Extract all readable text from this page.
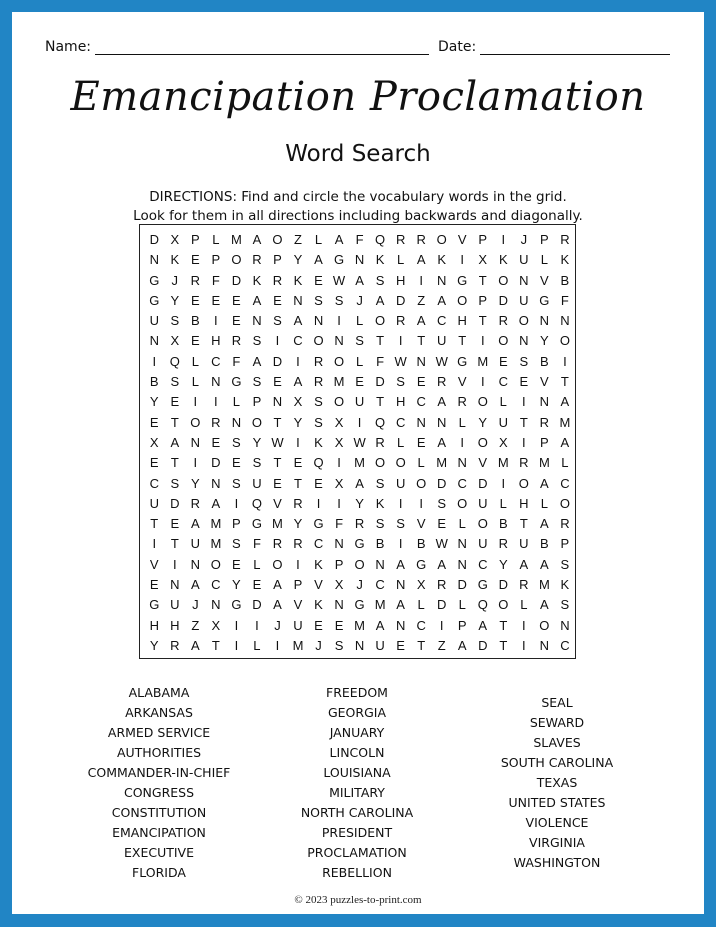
Name:	Date:
Emancipation Proclamation
Word Search
DIRECTIONS: Find and circle the vocabulary words in the grid.
Look for them in all directions including backwards and diagonally.
D X P L M A O Z L A F Q R R O V P	I	J P R
N K E P O R P Y A G N K L A K	I	X K U L K
G J R F D K R K E W A S H	I	N G T O N V B
G Y E E E A E N S S J A D Z A O P D U G F
U S B	I	E N S A N	I	L O R A C H T R O N N
N X E H R S	I	C O N S T	I	T U T	I	O N Y O
I	Q L C F A D	I	R O L F W N W G M E S B	I
B S L N G S E A R M E D S E R V	I	C E V T
Y E	I	I	L P N X S O U T H C A R O L	I	N A
E T O R N O T Y S X	I	Q C N N L Y U T R M
X A N E S Y W I	K X W R L E A	I	O X	I	P A
E T	I	D E S T E Q	I	M O O L M N V M R M L
C S Y N S U E T E X A S U O D C D	I	O A C
U D R A	I	Q V R	I	I	Y K	I	I	S O U L H L O
T E A M P G M Y G F R S S V E L O B T A R
I	T U M S F R R C N G B	I	B W N U R U B P
V	I	N O E L O	I	K P O N A G A N C Y A A S
E N A C Y E A P V X J C N X R D G D R M K
G U J N G D A V K N G M A L D L Q O L A S
H H Z X	I	I	J U E E M A N C	I	P A T	I	O N
Y R A T	I	L	I	M J S N U E T Z A D T	I	N C
ALABAMA
ARKANSAS
ARMED SERVICE
AUTHORITIES
COMMANDER-IN-CHIEF
CONGRESS
CONSTITUTION
EMANCIPATION
EXECUTIVE
FLORIDA
FREEDOM
GEORGIA
JANUARY
LINCOLN
LOUISIANA
MILITARY
NORTH CAROLINA
PRESIDENT
PROCLAMATION
REBELLION
SEAL
SEWARD
SLAVES
SOUTH CAROLINA
TEXAS
UNITED STATES
VIOLENCE
VIRGINIA
WASHINGTON
© 2023 puzzles-to-print.com
